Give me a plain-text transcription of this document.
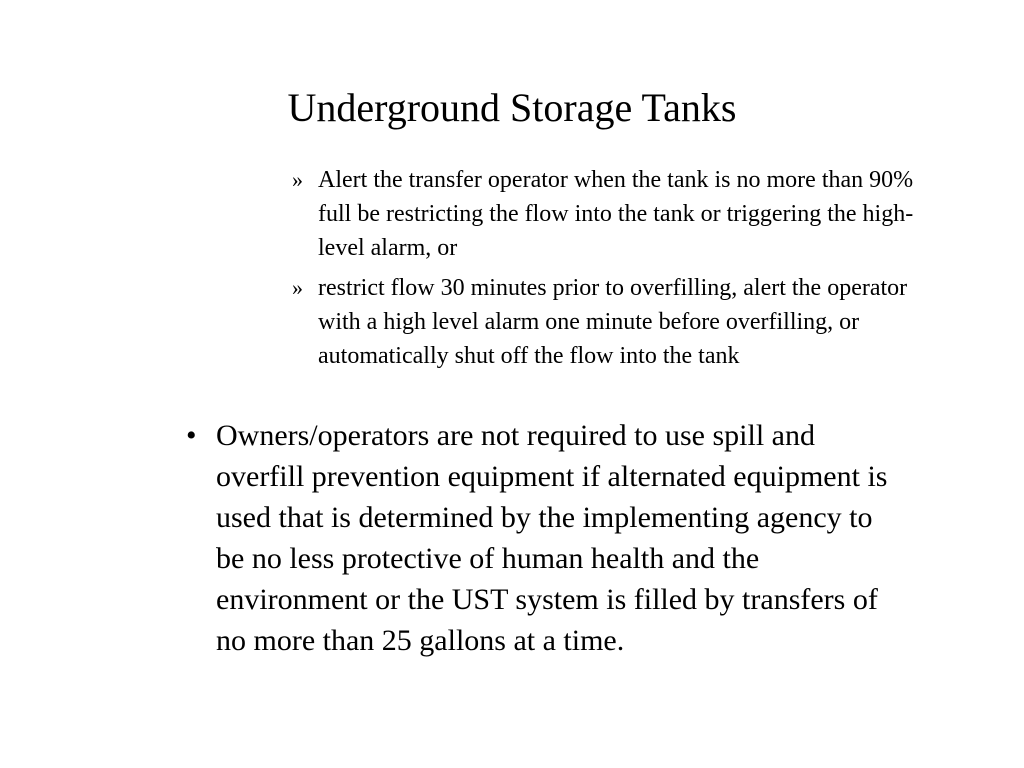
Underground Storage Tanks
» Alert the transfer operator when the tank is no more than 90% full be restricting the flow into the tank or triggering the high-level alarm, or
» restrict flow 30 minutes prior to overfilling, alert the operator with a high level alarm one minute before overfilling, or automatically shut off the flow into the tank
• Owners/operators are not required to use spill and overfill prevention equipment if alternated equipment is used that is determined by the implementing agency to be no less protective of human health and the environment or the UST system is filled by transfers of no more than 25 gallons at a time.
